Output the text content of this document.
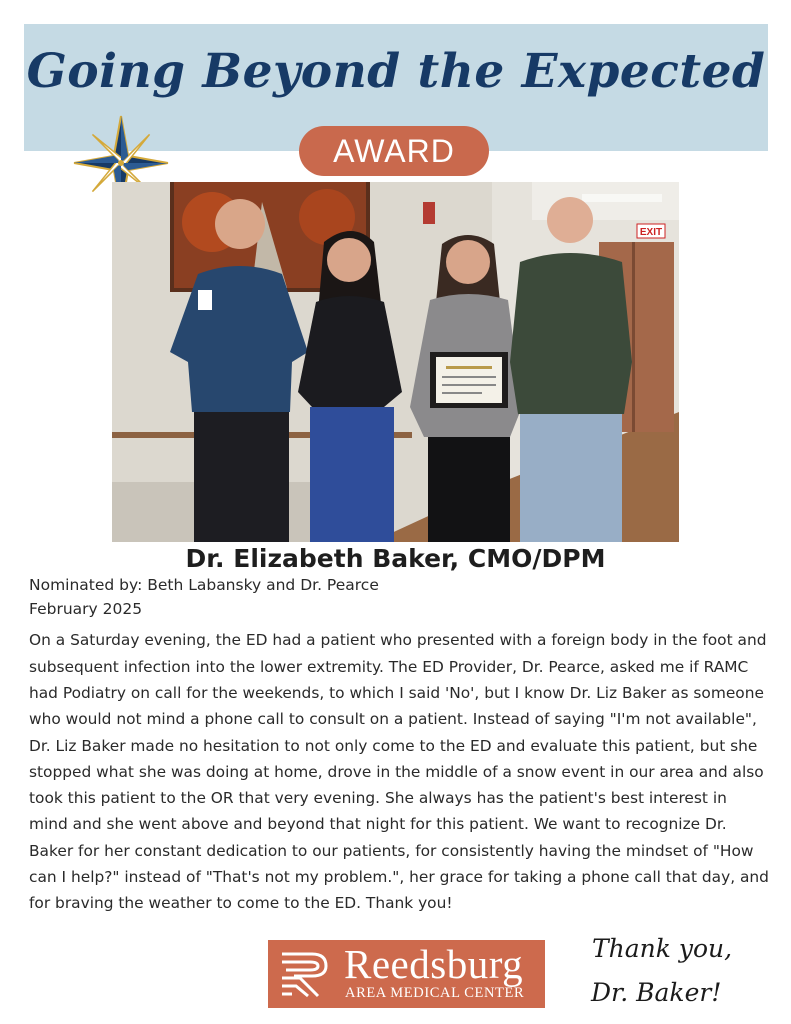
Going Beyond the Expected
AWARD
EXIT
Dr. Elizabeth Baker, CMO/DPM
Nominated by: Beth Labansky and Dr. Pearce
February 2025

On a Saturday evening, the ED had a patient who presented with a foreign body in the foot and subsequent infection into the lower extremity. The ED Provider, Dr. Pearce, asked me if RAMC had Podiatry on call for the weekends, to which I said 'No', but I know Dr. Liz Baker as someone who would not mind a phone call to consult on a patient. Instead of saying "I'm not available", Dr. Liz Baker made no hesitation to not only come to the ED and evaluate this patient, but she stopped what she was doing at home, drove in the middle of a snow event in our area and also took this patient to the OR that very evening. She always has the patient's best interest in mind and she went above and beyond that night for this patient. We want to recognize Dr. Baker for her constant dedication to our patients, for consistently having the mindset of "How can I help?" instead of "That's not my problem.", her grace for taking a phone call that day, and for braving the weather to come to the ED. Thank you!

Reedsburg
AREA MEDICAL CENTER
Thank you,
Dr. Baker!
